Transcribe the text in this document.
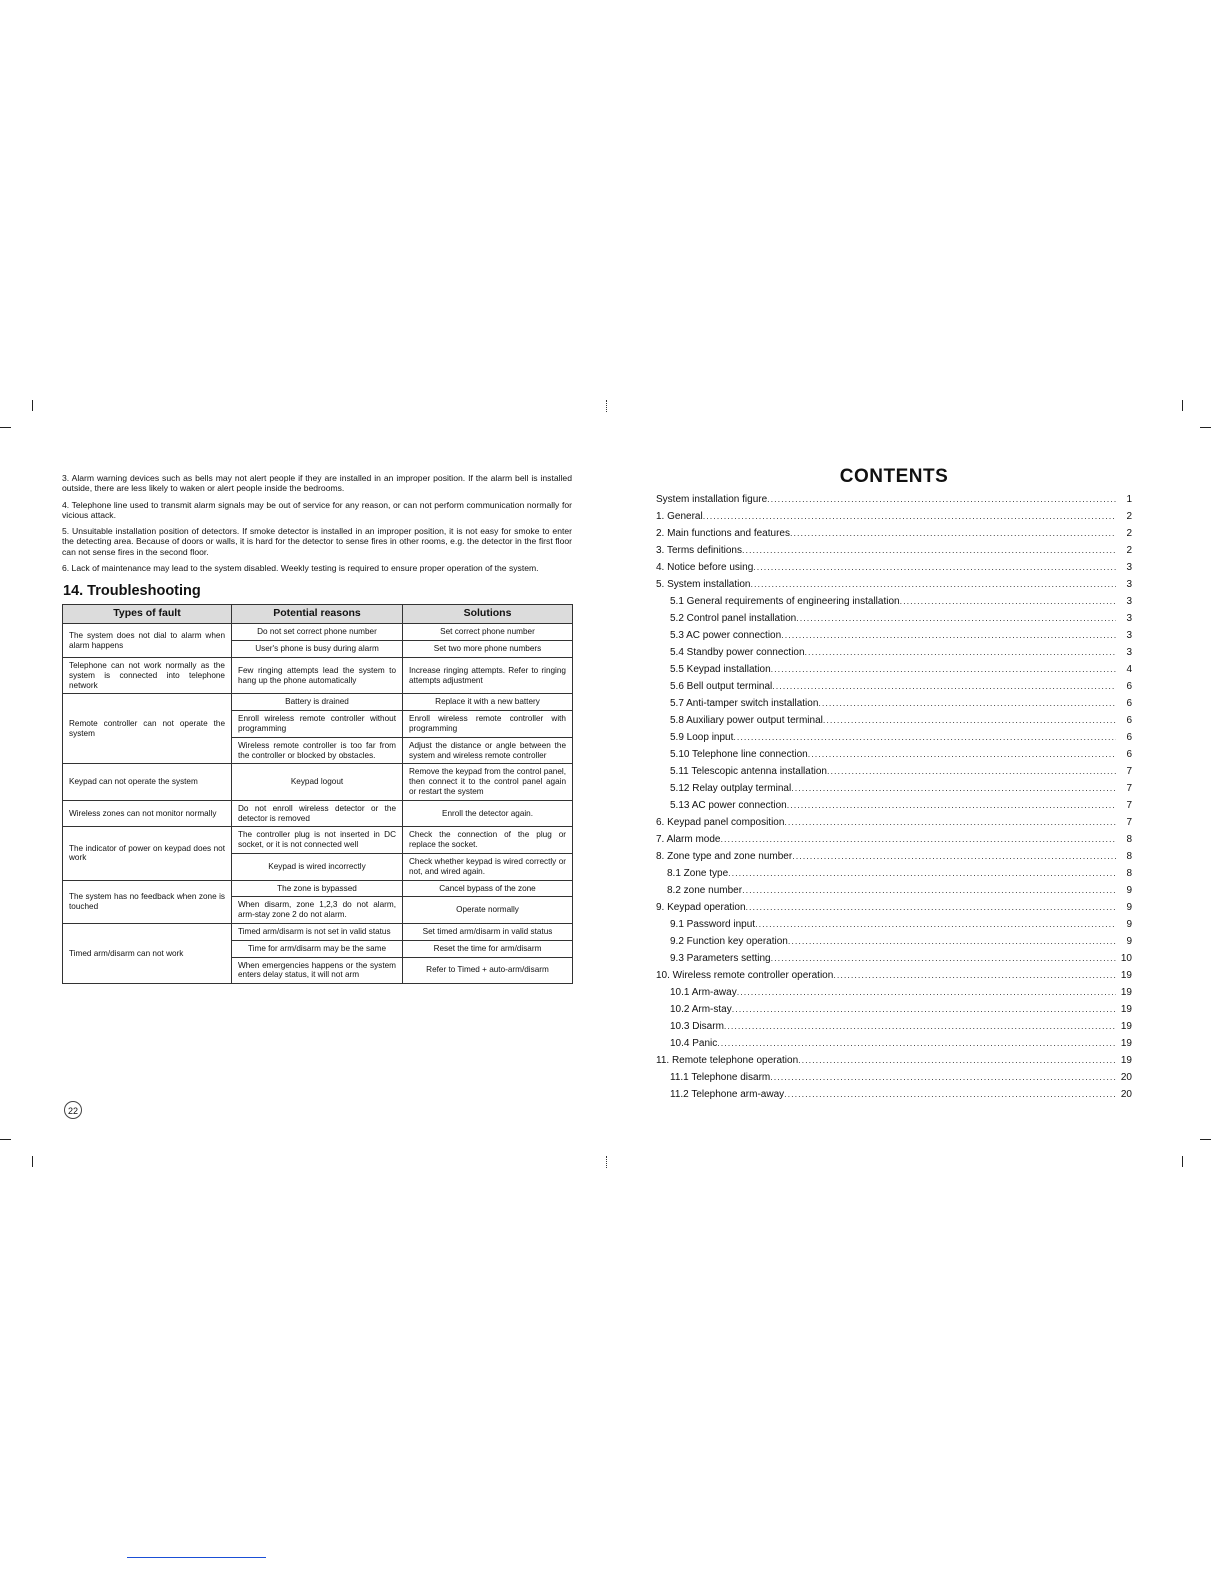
3. Alarm warning devices such as bells may not alert people if they are installed in an improper position. If the alarm bell is installed outside, there are less likely to waken or alert people inside the bedrooms.

4. Telephone line used to transmit alarm signals may be out of service for any reason, or can not perform communication normally for vicious attack.

5. Unsuitable installation position of detectors. If smoke detector is installed in an improper position, it is not easy for smoke to enter the detecting area. Because of doors or walls, it is hard for the detector to sense fires in other rooms, e.g. the detector in the first floor can not sense fires in the second floor.

6. Lack of maintenance may lead to the system disabled. Weekly testing is required to ensure proper operation of the system.

14. Troubleshooting
Types of fault	Potential reasons	Solutions
The system does not dial to alarm when alarm happens	Do not set correct phone number	Set correct phone number
	User's phone is busy during alarm	Set two more phone numbers
Telephone can not work normally as the system is connected into telephone network	Few ringing attempts lead the system to hang up the phone automatically	Increase ringing attempts. Refer to ringing attempts adjustment
Remote controller can not operate the system	Battery is drained	Replace it with a new battery
	Enroll wireless remote controller without programming	Enroll wireless remote controller with programming
	Wireless remote controller is too far from the controller or blocked by obstacles.	Adjust the distance or angle between the system and wireless remote controller
Keypad can not operate the system	Keypad logout	Remove the keypad from the control panel, then connect it to the control panel again or restart the system
Wireless zones can not monitor normally	Do not enroll wireless detector or the detector is removed	Enroll the detector again.
The indicator of power on keypad does not work	The controller plug is not inserted in DC socket, or it is not connected well	Check the connection of the plug or replace the socket.
	Keypad is wired incorrectly	Check whether keypad is wired correctly or not, and wired again.
The system has no feedback when zone is touched	The zone is bypassed	Cancel bypass of the zone
	When disarm, zone 1,2,3 do not alarm, arm-stay zone 2 do not alarm.	Operate normally
Timed arm/disarm can not work	Timed arm/disarm is not set in valid status	Set timed arm/disarm in valid status
	Time for arm/disarm may be the same	Reset the time for arm/disarm
	When emergencies happens or the system enters delay status, it will not arm	Refer to Timed + auto-arm/disarm
22
CONTENTS
System installation figure .....	1
1. General .....	2
2. Main functions and features .....	2
3. Terms definitions .....	2
4. Notice before using .....	3
5. System installation .....	3
5.1 General requirements of engineering installation .....	3
5.2 Control panel installation .....	3
5.3 AC power connection .....	3
5.4 Standby power connection .....	3
5.5 Keypad installation .....	4
5.6 Bell output terminal .....	6
5.7 Anti-tamper switch installation .....	6
5.8 Auxiliary power output terminal .....	6
5.9 Loop input .....	6
5.10 Telephone line connection .....	6
5.11 Telescopic antenna installation .....	7
5.12 Relay outplay terminal .....	7
5.13 AC power connection .....	7
6. Keypad panel composition .....	7
7. Alarm mode .....	8
8. Zone type and zone number .....	8
8.1 Zone type .....	8
8.2 zone number .....	9
9. Keypad operation .....	9
9.1 Password input .....	9
9.2 Function key operation .....	9
9.3 Parameters setting .....	10
10. Wireless remote controller operation .....	19
10.1 Arm-away .....	19
10.2 Arm-stay .....	19
10.3 Disarm .....	19
10.4 Panic .....	19
11. Remote telephone operation .....	19
11.1 Telephone disarm .....	20
11.2 Telephone arm-away .....	20
